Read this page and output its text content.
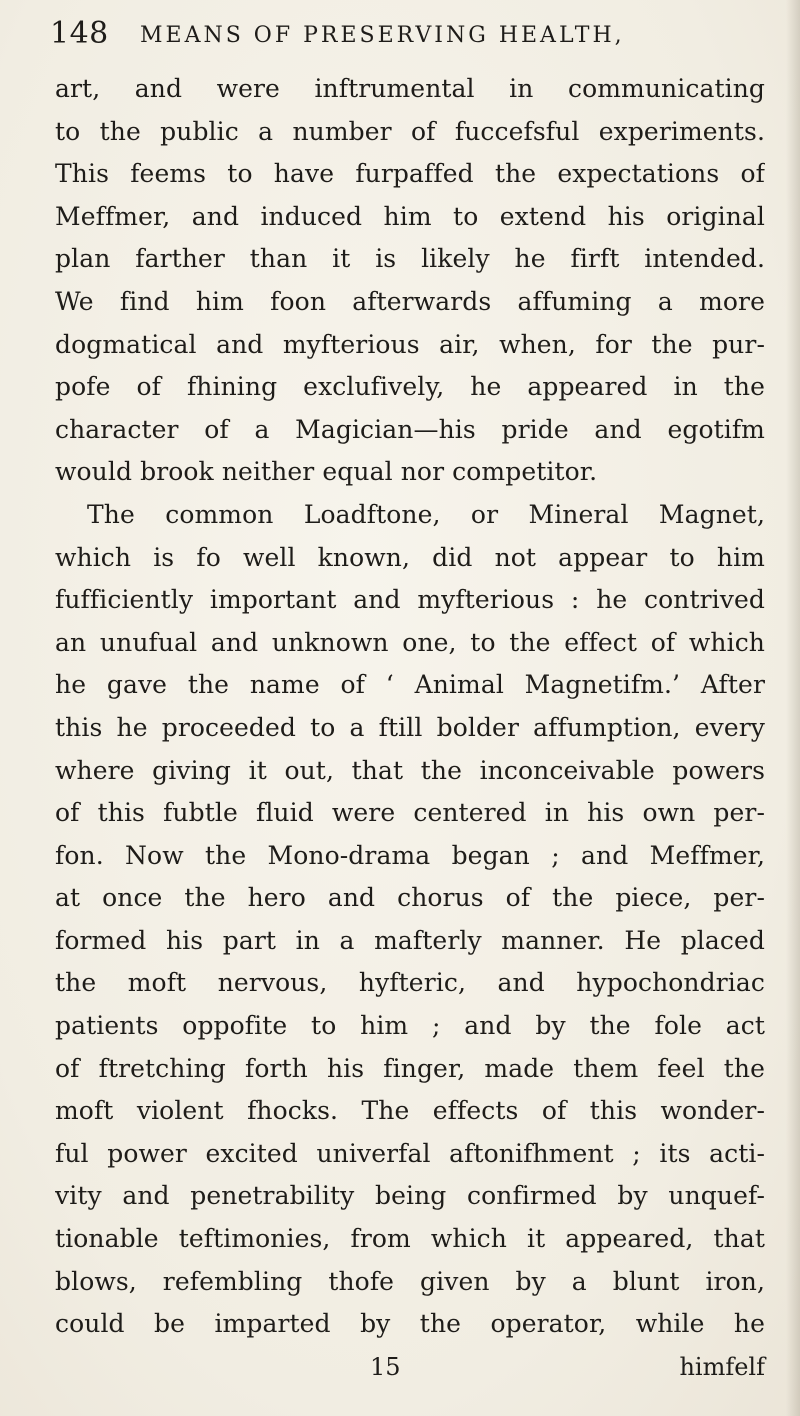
148 MEANS OF PRESERVING HEALTH,
art, and were inftrumental in communicating
to the public a number of fuccefsful experiments.
This feems to have furpaffed the expectations of
Meffmer, and induced him to extend his original
plan farther than it is likely he firft intended.
We find him foon afterwards affuming a more
dogmatical and myfterious air, when, for the pur-
pofe of fhining exclufively, he appeared in the
character of a Magician—his pride and egotifm
would brook neither equal nor competitor.
The common Loadftone, or Mineral Magnet,
which is fo well known, did not appear to him
fufficiently important and myfterious : he contrived
an unufual and unknown one, to the effect of which
he gave the name of ‘ Animal Magnetifm.’ After
this he proceeded to a ftill bolder affumption, every
where giving it out, that the inconceivable powers
of this fubtle fluid were centered in his own per-
fon. Now the Mono-drama began ; and Meffmer,
at once the hero and chorus of the piece, per-
formed his part in a mafterly manner. He placed
the moft nervous, hyfteric, and hypochondriac
patients oppofite to him ; and by the fole act
of ftretching forth his finger, made them feel the
moft violent fhocks. The effects of this wonder-
ful power excited univerfal aftonifhment ; its acti-
vity and penetrability being confirmed by unquef-
tionable teftimonies, from which it appeared, that
blows, refembling thofe given by a blunt iron,
could be imparted by the operator, while he
15	himfelf
